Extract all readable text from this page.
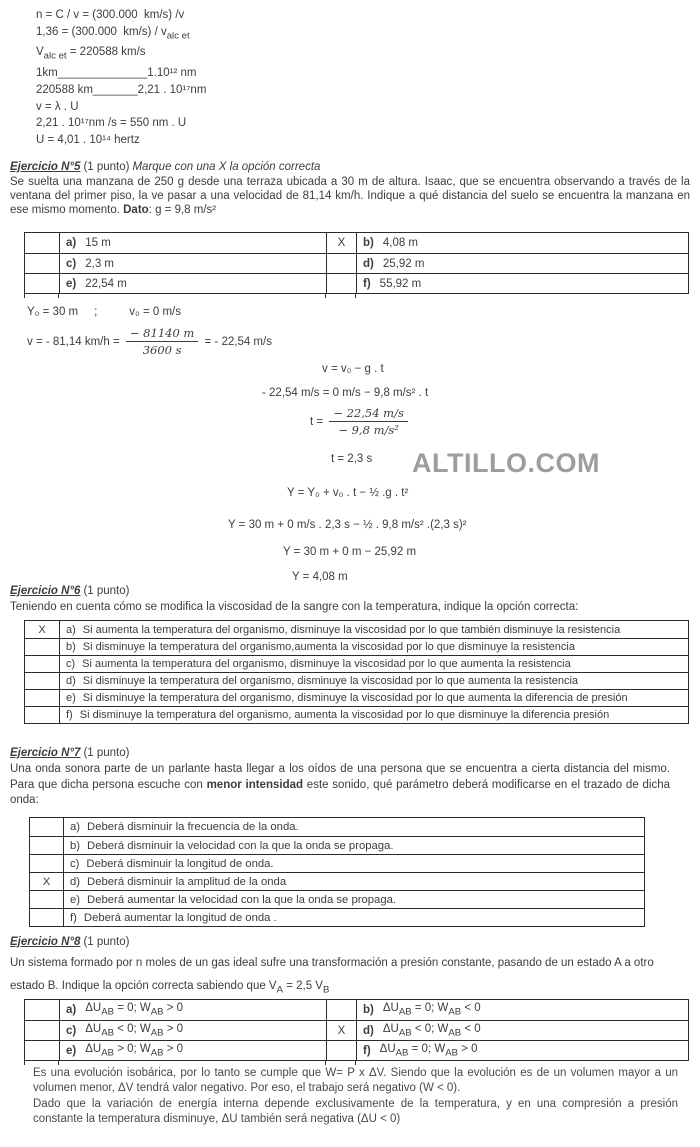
n = C / v = (300.000  km/s) /v
1,36 = (300.000  $km/s) / v_{alc et}$
$V_{alc et} = 220588$ km/s
1km______________1.10¹² nm
220588 km_______2,21 . 10¹⁷nm
v = λ . U
2,21 . 10¹⁷nm /s = 550 nm . U
U = 4,01 . 10¹⁴ hertz
Ejercicio N°5 (1 punto) Marque con una X la opción correcta

Se suelta una manzana de 250 g desde una terraza ubicada a 30 m de altura. Isaac, que se encuentra observando a través de la ventana del primer piso, la ve pasar a una velocidad de 81,14 km/h. Indique a qué distancia del suelo se encuentra la manzana en ese mismo momento. Dato: g = 9,8 m/s²

a) 15 m	X	b) 4,08 m
c) 2,3 m	d) 25,92 m
e) 22,54 m	f) 55,92 m
Y₀ = 30 m     ;          v₀ = 0 m/s
v = - 81,14 $km/h = \frac{- 81140 m}{3600 s}$ = - 22,54 m/s
v = v₀ − g . t
- 22,54 m/s = 0 m/s − 9,8 m/s² . t
$t = \frac{- 22,54 m/s}{\text{− 9,8 m/s²}}$
t = 2,3 s ALTILLO.COM
Y = Y₀ + v₀ . t − ½ .g . t²
Y = 30 m + 0 m/s . 2,3 s − ½ . 9,8 m/s² .(2,3 s)²
Y = 30 m + 0 m − 25,92 m
Y = 4,08 m
Ejercicio N°6 (1 punto)

Teniendo en cuenta cómo se modifica la viscosidad de la sangre con la temperatura, indique la opción correcta:

X	a) Si aumenta la temperatura del organismo, disminuye la viscosidad por lo que también disminuye la resistencia
b) Si disminuye la temperatura del organismo,aumenta la viscosidad por lo que disminuye la resistencia
c) Si aumenta la temperatura del organismo, disminuye la viscosidad por lo que aumenta la resistencia
d) Si disminuye la temperatura del organismo, disminuye la viscosidad por lo que aumenta la resistencia
e) Si disminuye la temperatura del organismo, disminuye la viscosidad por lo que aumenta la diferencia de presión
f) Si disminuye la temperatura del organismo, aumenta la viscosidad por lo que disminuye la diferencia presión
Ejercicio N°7 (1 punto)

Una onda sonora parte de un parlante hasta llegar a los oídos de una persona que se encuentra a cierta distancia del mismo. Para que dicha persona escuche con menor intensidad este sonido, qué parámetro deberá modificarse en el trazado de dicha onda:

a) Deberá disminuir la frecuencia de la onda.
b) Deberá disminuir la velocidad con la que la onda se propaga.
c) Deberá disminuir la longitud de onda.
X	d) Deberá disminuir la amplitud de la onda
e) Deberá aumentar la velocidad con la que la onda se propaga.
f) Deberá aumentar la longitud de onda .
Ejercicio N°8 (1 punto)

Un sistema formado por n moles de un gas ideal sufre una transformación a presión constante, pasando de un estado A a otro estado B. Indique la opción correcta sabiendo que $V_A = 2,5$ $V_B$

a) $\Delta U_{AB} = 0$; $W_{AB} > 0$	b) $\Delta U_{AB} = 0$; $W_{AB} < 0$
c) $\Delta U_{AB} < 0$; $W_{AB} > 0$	X	d) $\Delta U_{AB} < 0$; $W_{AB} < 0$
e) $\Delta U_{AB} > 0$; $W_{AB} > 0$	f) $\Delta U_{AB} = 0$; $W_{AB} > 0$

Es una evolución isobárica, por lo tanto se cumple que W= P x ΔV. Siendo que la evolución es de un volumen mayor a un volumen menor, ΔV tendrá valor negativo. Por eso, el trabajo será negativo (W < 0).

Dado que la variación de energía interna depende exclusivamente de la temperatura, y en una compresión a presión constante la temperatura disminuye, ΔU también será negativa (ΔU < 0)
